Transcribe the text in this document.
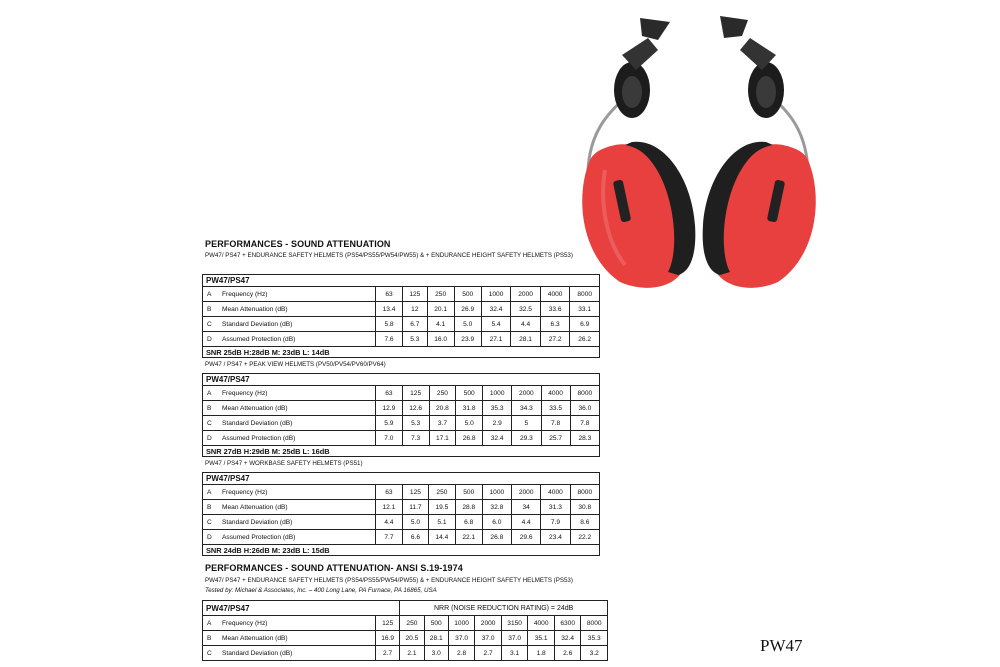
PERFORMANCES - SOUND ATTENUATION
PW47/ PS47 + ENDURANCE SAFETY HELMETS (PS54/PS55/PW54/PW55) & + ENDURANCE HEIGHT SAFETY HELMETS (PS53)
PW47/PS47									
A	Frequency (Hz)	63	125	250	500	1000	2000	4000	8000
B	Mean Attenuation (dB)	13.4	12	20.1	26.9	32.4	32.5	33.6	33.1
C	Standard Deviation (dB)	5.8	6.7	4.1	5.0	5.4	4.4	6.3	6.9
D	Assumed Protection (dB)	7.6	5.3	16.0	23.9	27.1	28.1	27.2	26.2
SNR 25dB H:28dB M: 23dB L: 14dB									
PW47 / PS47 + PEAK VIEW HELMETS (PV50/PV54/PV60/PV64)
PW47/PS47									
A	Frequency (Hz)	63	125	250	500	1000	2000	4000	8000
B	Mean Attenuation (dB)	12.9	12.6	20.8	31.8	35.3	34.3	33.5	36.0
C	Standard Deviation (dB)	5.9	5.3	3.7	5.0	2.9	5	7.8	7.8
D	Assumed Protection (dB)	7.0	7.3	17.1	26.8	32.4	29.3	25.7	28.3
SNR 27dB H:29dB M: 25dB L: 16dB									
PW47 / PS47 + WORKBASE SAFETY HELMETS (PS51)
PW47/PS47									
A	Frequency (Hz)	63	125	250	500	1000	2000	4000	8000
B	Mean Attenuation (dB)	12.1	11.7	19.5	28.8	32.8	34	31.3	30.8
C	Standard Deviation (dB)	4.4	5.0	5.1	6.8	6.0	4.4	7.9	8.6
D	Assumed Protection (dB)	7.7	6.6	14.4	22.1	26.8	29.6	23.4	22.2
SNR 24dB H:26dB M: 23dB L: 15dB									
PERFORMANCES - SOUND ATTENUATION- ANSI S.19-1974
PW47/ PS47 + ENDURANCE SAFETY HELMETS (PS54/PS55/PW54/PW55) & + ENDURANCE HEIGHT SAFETY HELMETS (PS53)
Tested by: Michael & Associates, Inc. – 400 Long Lane, PA Furnace, PA 16865, USA
PW47/PS47			NRR (NOISE REDUCTION RATING) = 24dB							
A	Frequency (Hz)	125	250	500	1000	2000	3150	4000	6300	8000
B	Mean Attenuation (dB)	16.9	20.5	28.1	37.0	37.0	37.0	35.1	32.4	35.3
C	Standard Deviation (dB)	2.7	2.1	3.0	2.8	2.7	3.1	1.8	2.6	3.2	PW47
